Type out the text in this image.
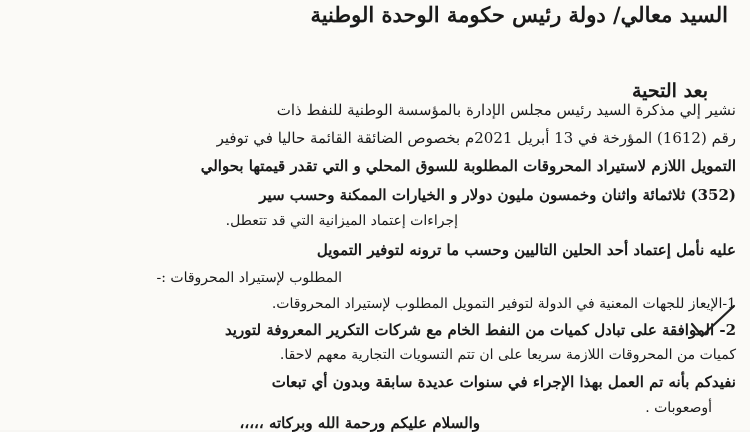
السيد معالي/ دولة رئيس حكومة الوحدة الوطنية
بعد التحية
نشير إلي مذكرة السيد رئيس مجلس الإدارة بالمؤسسة الوطنية للنفط ذات
رقم (1612) المؤرخة في 13 أبريل 2021م بخصوص الضائقة القائمة حاليا في توفير
التمويل اللازم لاستيراد المحروقات المطلوبة للسوق المحلي و التي تقدر قيمتها بحوالي
(352) ثلاثمائة واثنان وخمسون مليون دولار و الخيارات الممكنة وحسب سير
إجراءات إعتماد الميزانية التي قد تتعطل.
عليه نأمل إعتماد أحد الحلين التاليين وحسب ما ترونه لتوفير التمويل
المطلوب لإستيراد المحروقات :-
1-الإيعاز للجهات المعنية في الدولة لتوفير التمويل المطلوب لإستيراد المحروقات.
2- الموافقة على تبادل كميات من النفط الخام مع شركات التكرير المعروفة لتوريد
كميات من المحروقات اللازمة سريعا على ان تتم التسويات التجارية معهم لاحقا.
نفيدكم بأنه تم العمل بهذا الإجراء في سنوات عديدة سابقة وبدون أي تبعات
أوصعوبات .
والسلام عليكم ورحمة الله وبركاته ،،،،،
